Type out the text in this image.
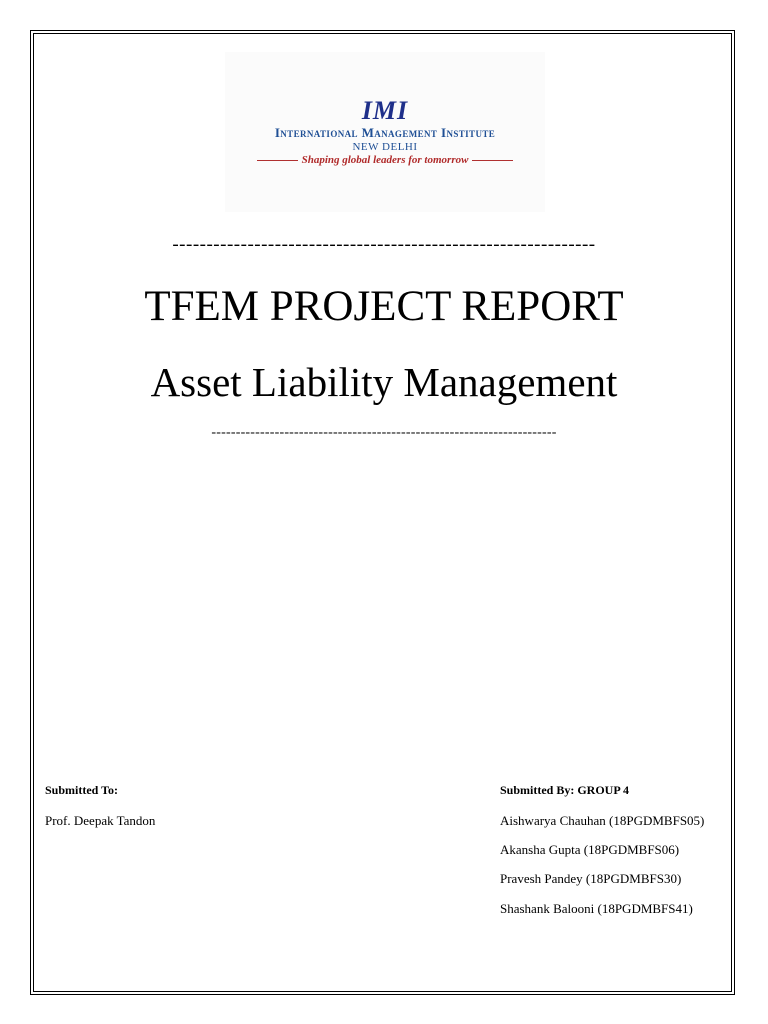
IMI
International Management Institute
NEW DELHI
Shaping global leaders for tomorrow
--------------------------------------------------------------
TFEM PROJECT REPORT
Asset Liability Management
-----------------------------------------------------------------------
Submitted To:
Prof. Deepak Tandon
Submitted By: GROUP 4
Aishwarya Chauhan (18PGDMBFS05)
Akansha Gupta (18PGDMBFS06)
Pravesh Pandey (18PGDMBFS30)
Shashank Balooni (18PGDMBFS41)
